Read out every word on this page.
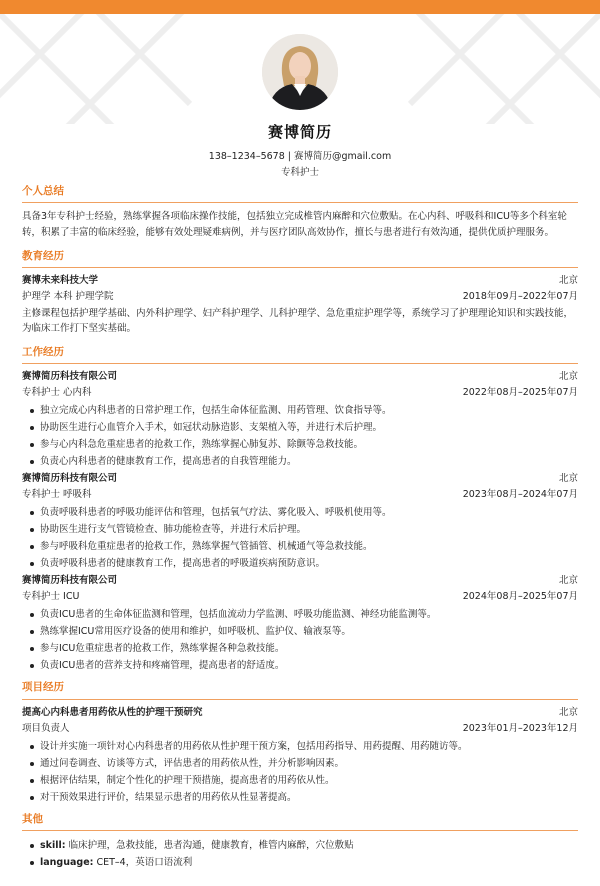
赛博简历
138–1234–5678 | 赛博简历@gmail.com
专科护士
个人总结
具备3年专科护士经验，熟练掌握各项临床操作技能，包括独立完成椎管内麻醉和穴位敷贴。在心内科、呼吸科和ICU等多个科室轮转，积累了丰富的临床经验，能够有效处理疑难病例，并与医疗团队高效协作，擅长与患者进行有效沟通，提供优质护理服务。
教育经历
赛博未来科技大学	北京
护理学 本科 护理学院	2018年09月–2022年07月
主修课程包括护理学基础、内外科护理学、妇产科护理学、儿科护理学、急危重症护理学等，系统学习了护理理论知识和实践技能，为临床工作打下坚实基础。
工作经历
赛博简历科技有限公司	北京
专科护士 心内科	2022年08月–2025年07月
独立完成心内科患者的日常护理工作，包括生命体征监测、用药管理、饮食指导等。
协助医生进行心血管介入手术，如冠状动脉造影、支架植入等，并进行术后护理。
参与心内科急危重症患者的抢救工作，熟练掌握心肺复苏、除颤等急救技能。
负责心内科患者的健康教育工作，提高患者的自我管理能力。
赛博简历科技有限公司	北京
专科护士 呼吸科	2023年08月–2024年07月
负责呼吸科患者的呼吸功能评估和管理，包括氧气疗法、雾化吸入、呼吸机使用等。
协助医生进行支气管镜检查、肺功能检查等，并进行术后护理。
参与呼吸科危重症患者的抢救工作，熟练掌握气管插管、机械通气等急救技能。
负责呼吸科患者的健康教育工作，提高患者的呼吸道疾病预防意识。
赛博简历科技有限公司	北京
专科护士 ICU	2024年08月–2025年07月
负责ICU患者的生命体征监测和管理，包括血流动力学监测、呼吸功能监测、神经功能监测等。
熟练掌握ICU常用医疗设备的使用和维护，如呼吸机、监护仪、输液泵等。
参与ICU危重症患者的抢救工作，熟练掌握各种急救技能。
负责ICU患者的营养支持和疼痛管理，提高患者的舒适度。
项目经历
提高心内科患者用药依从性的护理干预研究	北京
项目负责人	2023年01月–2023年12月
设计并实施一项针对心内科患者的用药依从性护理干预方案，包括用药指导、用药提醒、用药随访等。
通过问卷调查、访谈等方式，评估患者的用药依从性，并分析影响因素。
根据评估结果，制定个性化的护理干预措施，提高患者的用药依从性。
对干预效果进行评价，结果显示患者的用药依从性显著提高。
其他
skill: 临床护理，急救技能，患者沟通，健康教育，椎管内麻醉，穴位敷贴
language: CET–4，英语口语流利
